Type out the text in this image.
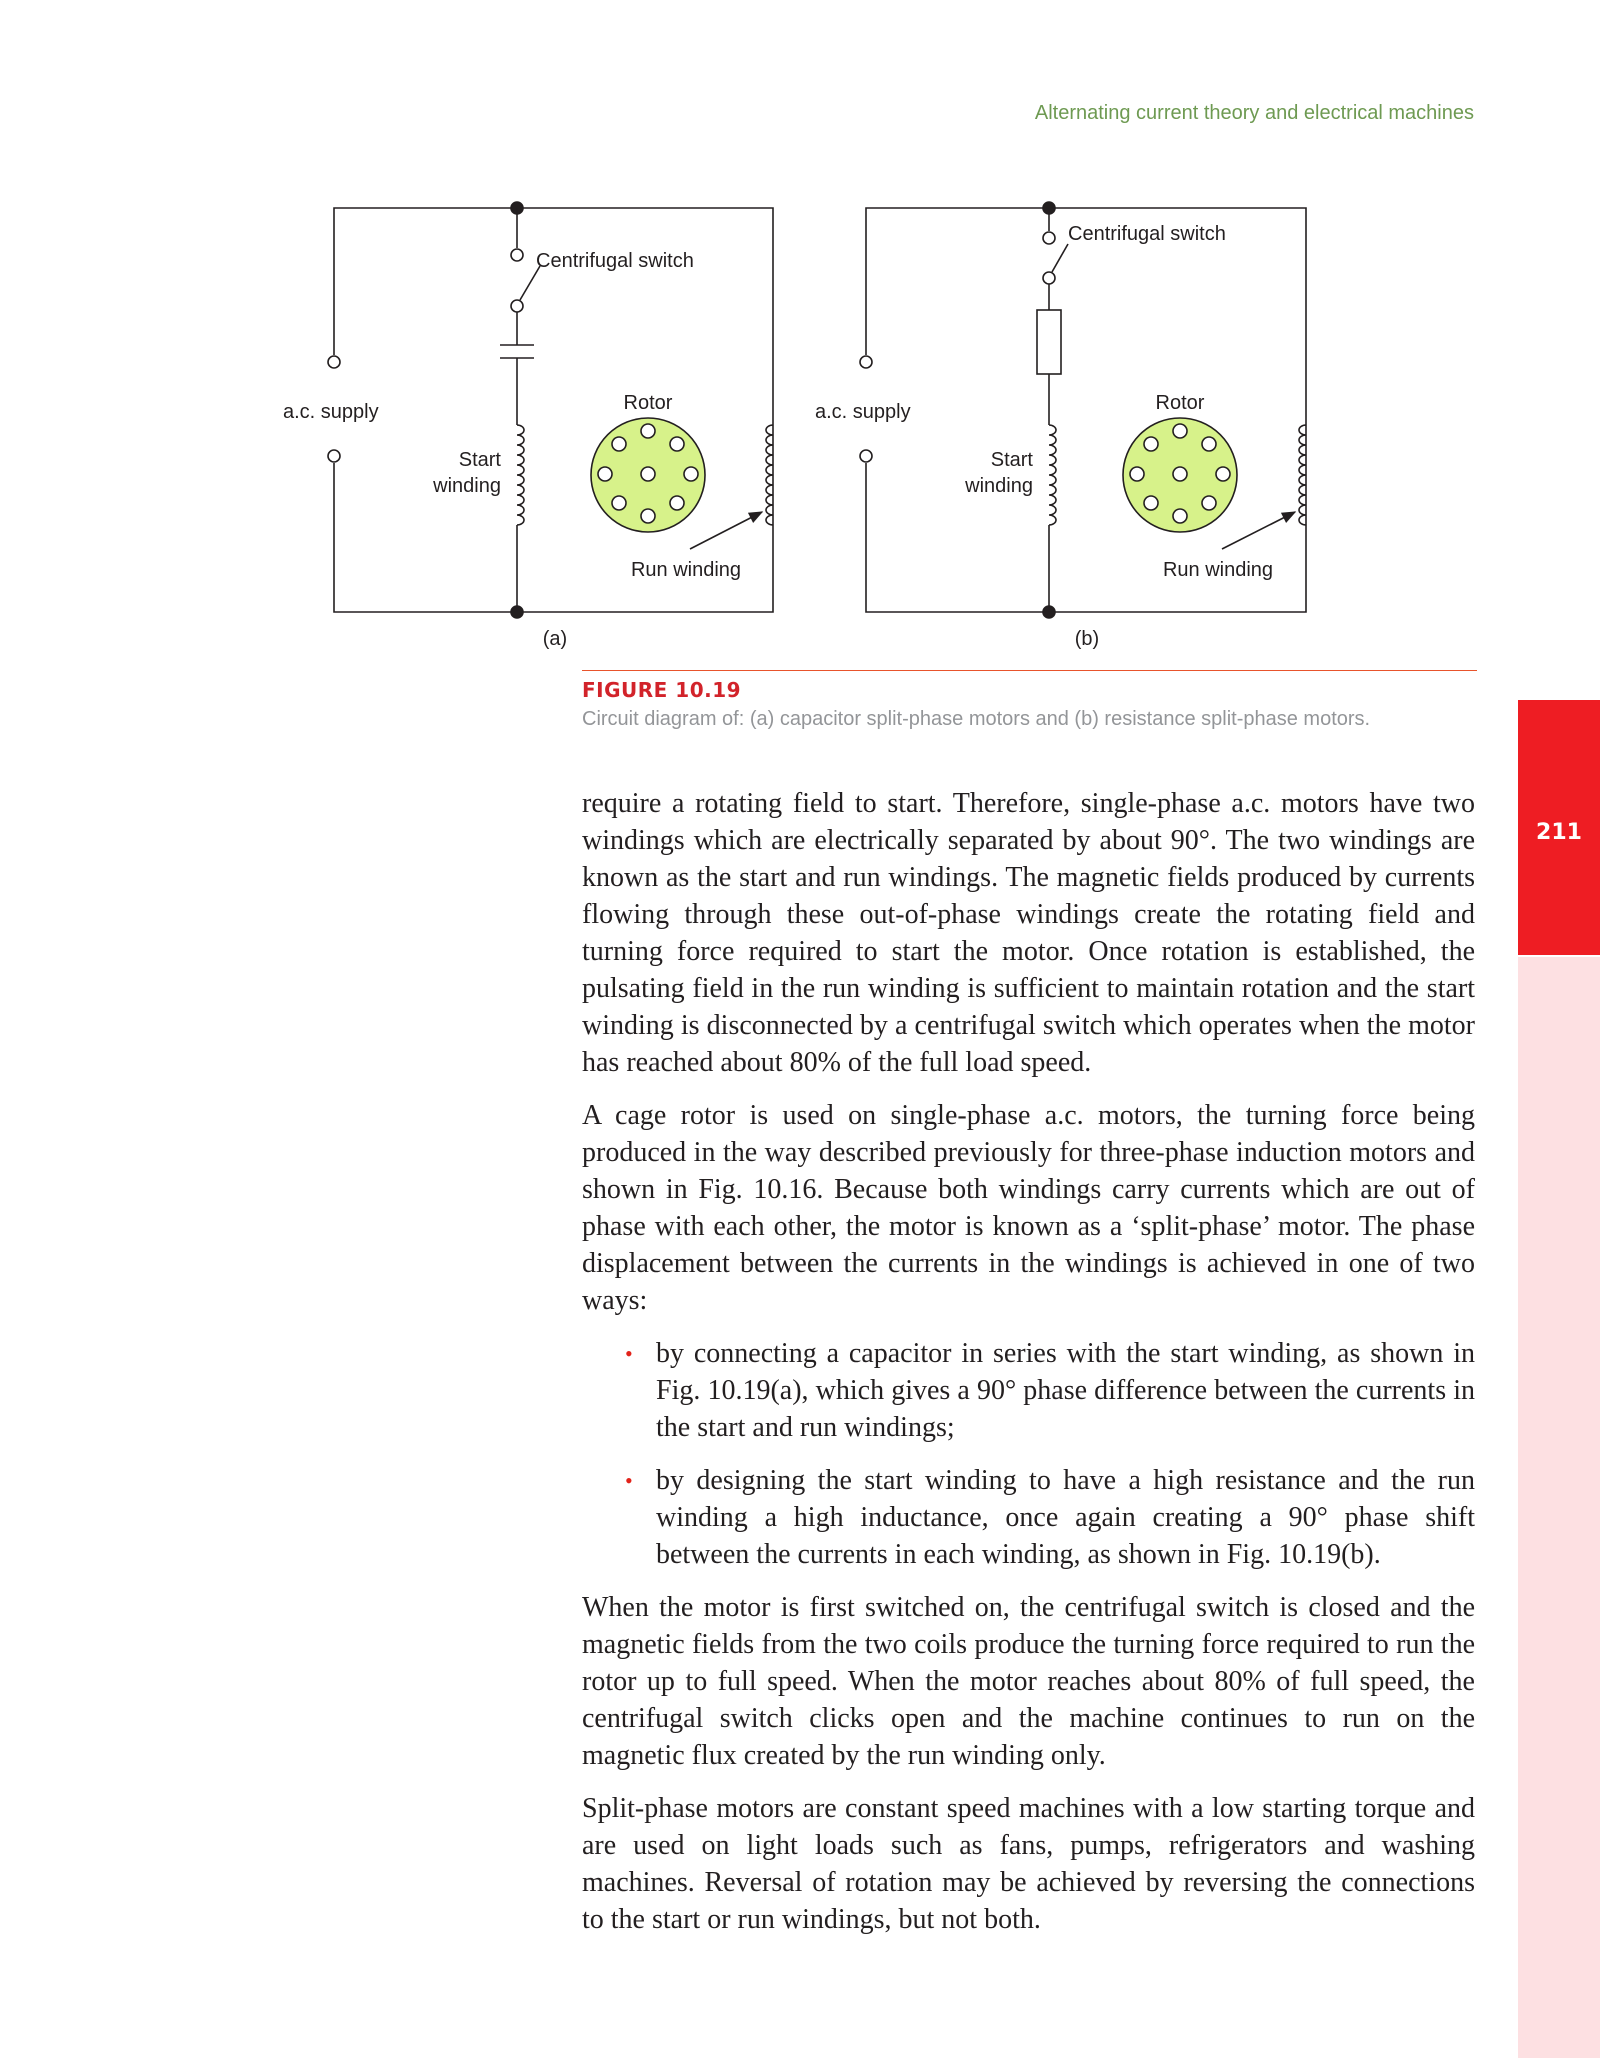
Alternating current theory and electrical machines
211
Centrifugal switch
Rotor
a.c. supply
Start
winding
Run winding
(a)
Centrifugal switch
Rotor
a.c. supply
Start
winding
Run winding
(b)
FIGURE 10.19
Circuit diagram of: (a) capacitor split-phase motors and (b) resistance split-phase motors.

require a rotating field to start. Therefore, single-phase a.c. motors have two windings which are electrically separated by about 90°. The two windings are known as the start and run windings. The magnetic fields produced by currents flowing through these out-of-phase windings create the rotating field and turning force required to start the motor. Once rotation is established, the pulsating field in the run winding is sufficient to maintain rotation and the start winding is disconnected by a centrifugal switch which operates when the motor has reached about 80% of the full load speed.

A cage rotor is used on single-phase a.c. motors, the turning force being produced in the way described previously for three-phase induction motors and shown in Fig. 10.16. Because both windings carry currents which are out of phase with each other, the motor is known as a ‘split-phase’ motor. The phase displacement between the currents in the windings is achieved in one of two ways:

• by connecting a capacitor in series with the start winding, as shown in Fig. 10.19(a), which gives a 90° phase difference between the currents in the start and run windings;
• by designing the start winding to have a high resistance and the run winding a high inductance, once again creating a 90° phase shift between the currents in each winding, as shown in Fig. 10.19(b).

When the motor is first switched on, the centrifugal switch is closed and the magnetic fields from the two coils produce the turning force required to run the rotor up to full speed. When the motor reaches about 80% of full speed, the centrifugal switch clicks open and the machine continues to run on the magnetic flux created by the run winding only.

Split-phase motors are constant speed machines with a low starting torque and are used on light loads such as fans, pumps, refrigerators and washing machines. Reversal of rotation may be achieved by reversing the connections to the start or run windings, but not both.
